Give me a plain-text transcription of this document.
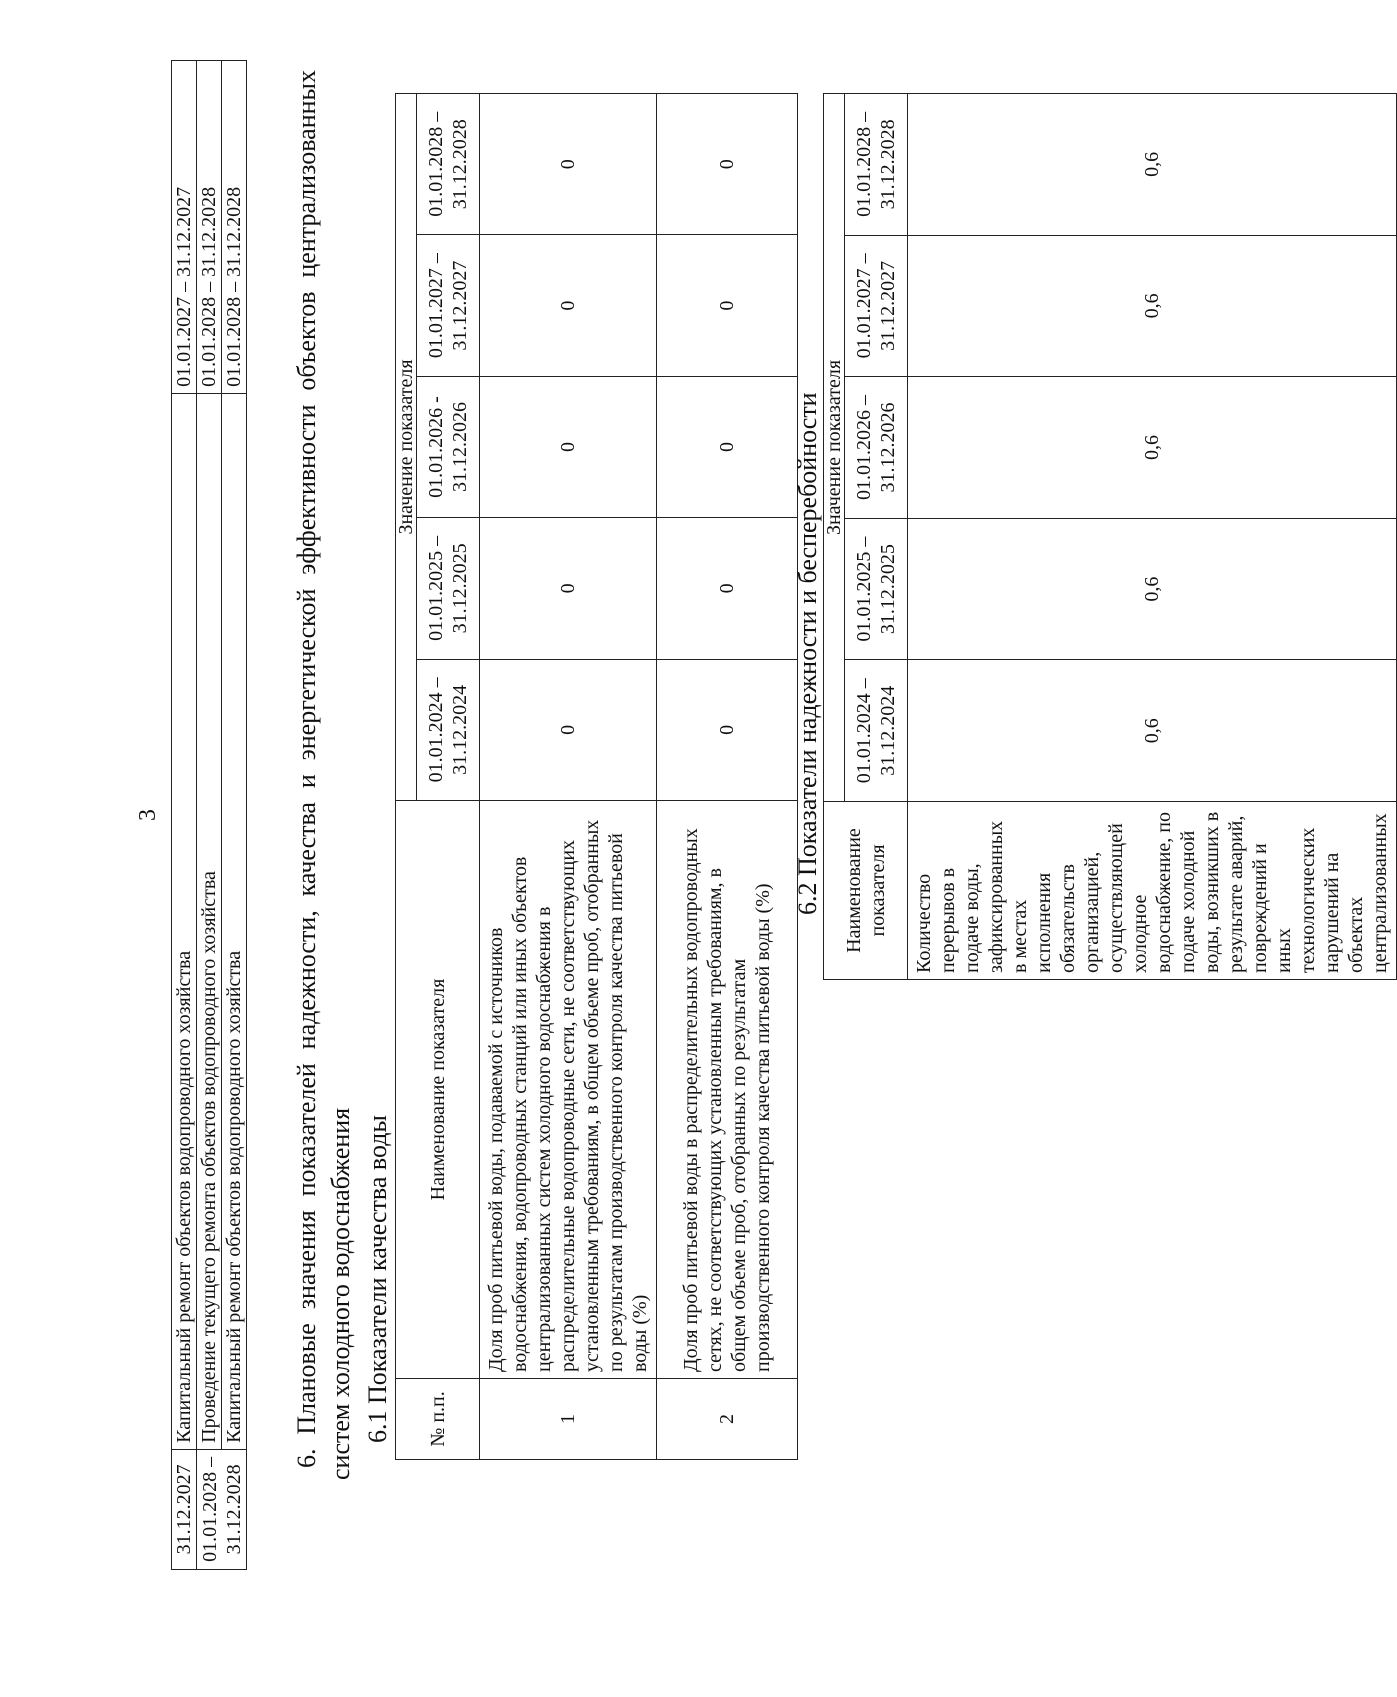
3
31.12.2027	Капитальный ремонт объектов водопроводного хозяйства	01.01.2027 – 31.12.2027
01.01.2028 – 31.12.2028	Проведение текущего ремонта объектов водопроводного хозяйства	01.01.2028 – 31.12.2028
	Капитальный ремонт объектов водопроводного хозяйства	01.01.2028 – 31.12.2028 6. Плановые значения показателей надежности, качества и энергетической эффективности объектов централизованных систем холодного водоснабжения 6.1 Показатели качества воды № п.п.	Наименование показателя	Значение показателя				
		01.01.2024 – 31.12.2024	01.01.2025 – 31.12.2025	01.01.2026 - 31.12.2026	01.01.2027 – 31.12.2027	01.01.2028 – 31.12.2028
1	Доля проб питьевой воды, подаваемой с источников водоснабжения, водопроводных станций или иных объектов централизованных систем холодного водоснабжения в распределительные водопроводные сети, не соответствующих установленным требованиям, в общем объеме проб, отобранных по результатам производственного контроля качества питьевой воды (%)	0	0	0	0	0
2	Доля проб питьевой воды в распределительных водопроводных сетях, не соответствующих установленным требованиям, в общем объеме проб, отобранных по результатам производственного контроля качества питьевой воды (%)	0	0	0	0	0
6.2 Показатели надежности и бесперебойности Наименование показателя	Значение показателя				
	01.01.2024 – 31.12.2024	01.01.2025 – 31.12.2025	01.01.2026 – 31.12.2026	01.01.2027 – 31.12.2027	01.01.2028 – 31.12.2028
Количество перерывов в подаче воды, зафиксированных в местах исполнения обязательств организацией, осуществляющей холодное водоснабжение, по подаче холодной воды, возникших в результате аварий, повреждений и иных технологических нарушений на объектах централизованных	0,6	0,6	0,6	0,6	0,6
